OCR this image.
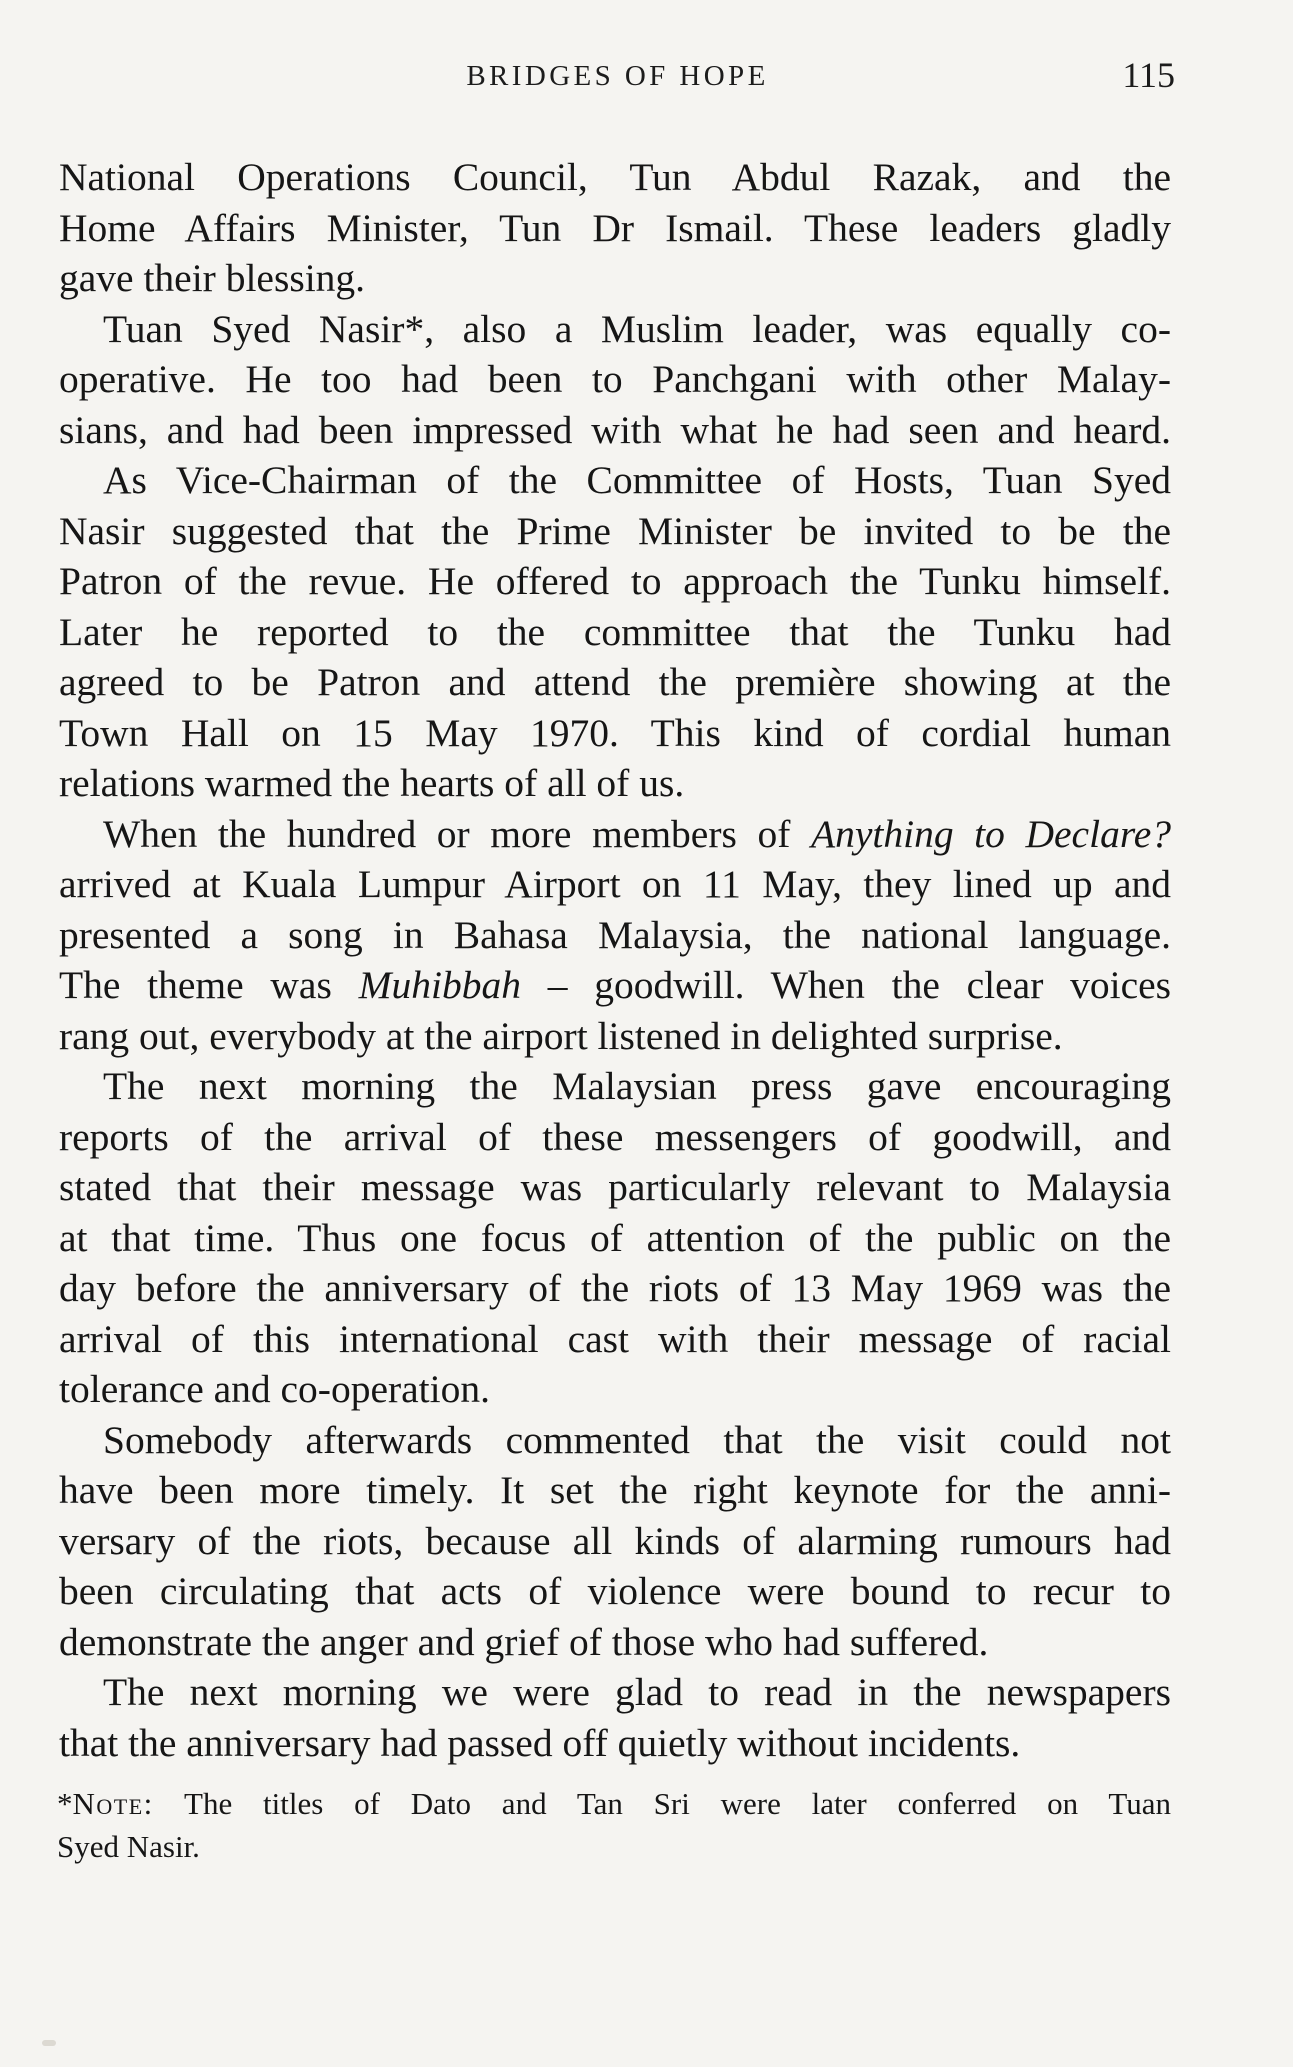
BRIDGES OF HOPE	115
National Operations Council, Tun Abdul Razak, and the
Home Affairs Minister, Tun Dr Ismail. These leaders gladly
gave their blessing.
Tuan Syed Nasir*, also a Muslim leader, was equally co-
operative. He too had been to Panchgani with other Malay-
sians, and had been impressed with what he had seen and heard.
As Vice-Chairman of the Committee of Hosts, Tuan Syed
Nasir suggested that the Prime Minister be invited to be the
Patron of the revue. He offered to approach the Tunku himself.
Later he reported to the committee that the Tunku had
agreed to be Patron and attend the première showing at the
Town Hall on 15 May 1970. This kind of cordial human
relations warmed the hearts of all of us.
When the hundred or more members of Anything to Declare?
arrived at Kuala Lumpur Airport on 11 May, they lined up and
presented a song in Bahasa Malaysia, the national language.
The theme was Muhibbah – goodwill. When the clear voices
rang out, everybody at the airport listened in delighted surprise.
The next morning the Malaysian press gave encouraging
reports of the arrival of these messengers of goodwill, and
stated that their message was particularly relevant to Malaysia
at that time. Thus one focus of attention of the public on the
day before the anniversary of the riots of 13 May 1969 was the
arrival of this international cast with their message of racial
tolerance and co-operation.
Somebody afterwards commented that the visit could not
have been more timely. It set the right keynote for the anni-
versary of the riots, because all kinds of alarming rumours had
been circulating that acts of violence were bound to recur to
demonstrate the anger and grief of those who had suffered.
The next morning we were glad to read in the newspapers
that the anniversary had passed off quietly without incidents.
*Note: The titles of Dato and Tan Sri were later conferred on Tuan
Syed Nasir.
